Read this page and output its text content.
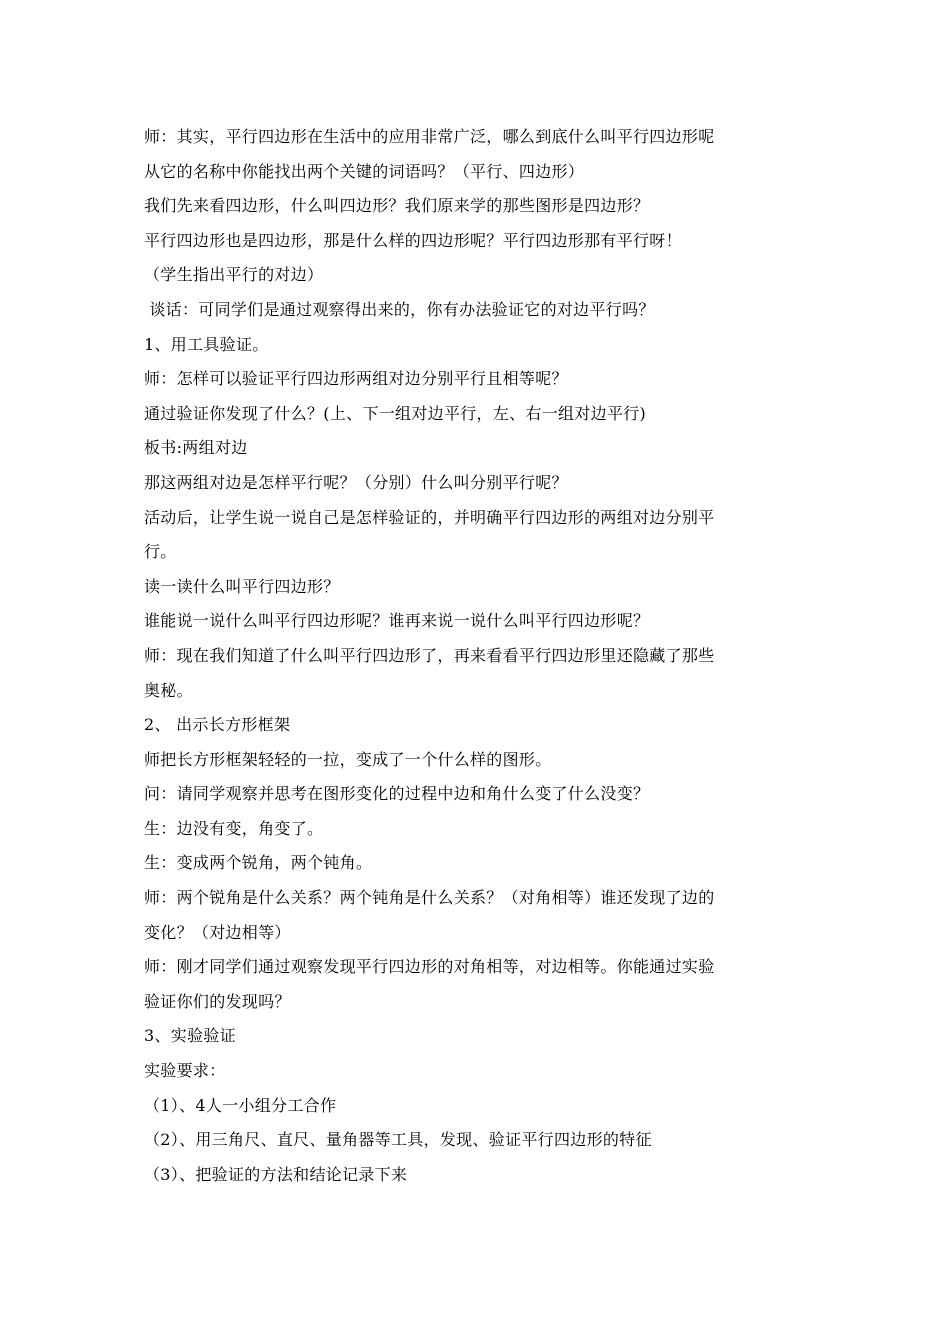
师：其实，平行四边形在生活中的应用非常广泛，哪么到底什么叫平行四边形呢
从它的名称中你能找出两个关键的词语吗？（平行、四边形）
我们先来看四边形，什么叫四边形？我们原来学的那些图形是四边形？
平行四边形也是四边形，那是什么样的四边形呢？平行四边形那有平行呀！
（学生指出平行的对边）
谈话：可同学们是通过观察得出来的，你有办法验证它的对边平行吗？
1、用工具验证。
师：怎样可以验证平行四边形两组对边分别平行且相等呢？
通过验证你发现了什么？(上、下一组对边平行，左、右一组对边平行)
板书:两组对边
那这两组对边是怎样平行呢？（分别）什么叫分别平行呢？
活动后，让学生说一说自己是怎样验证的，并明确平行四边形的两组对边分别平
行。
读一读什么叫平行四边形？
谁能说一说什么叫平行四边形呢？谁再来说一说什么叫平行四边形呢？
师：现在我们知道了什么叫平行四边形了，再来看看平行四边形里还隐藏了那些
奥秘。
2、 出示长方形框架
师把长方形框架轻轻的一拉，变成了一个什么样的图形。
问：请同学观察并思考在图形变化的过程中边和角什么变了什么没变？
生：边没有变，角变了。
生：变成两个锐角，两个钝角。
师：两个锐角是什么关系？两个钝角是什么关系？（对角相等）谁还发现了边的
变化？（对边相等）
师：刚才同学们通过观察发现平行四边形的对角相等，对边相等。你能通过实验
验证你们的发现吗？
3、实验验证
实验要求：
（1）、4人一小组分工合作
（2）、用三角尺、直尺、量角器等工具，发现、验证平行四边形的特征
（3）、把验证的方法和结论记录下来
